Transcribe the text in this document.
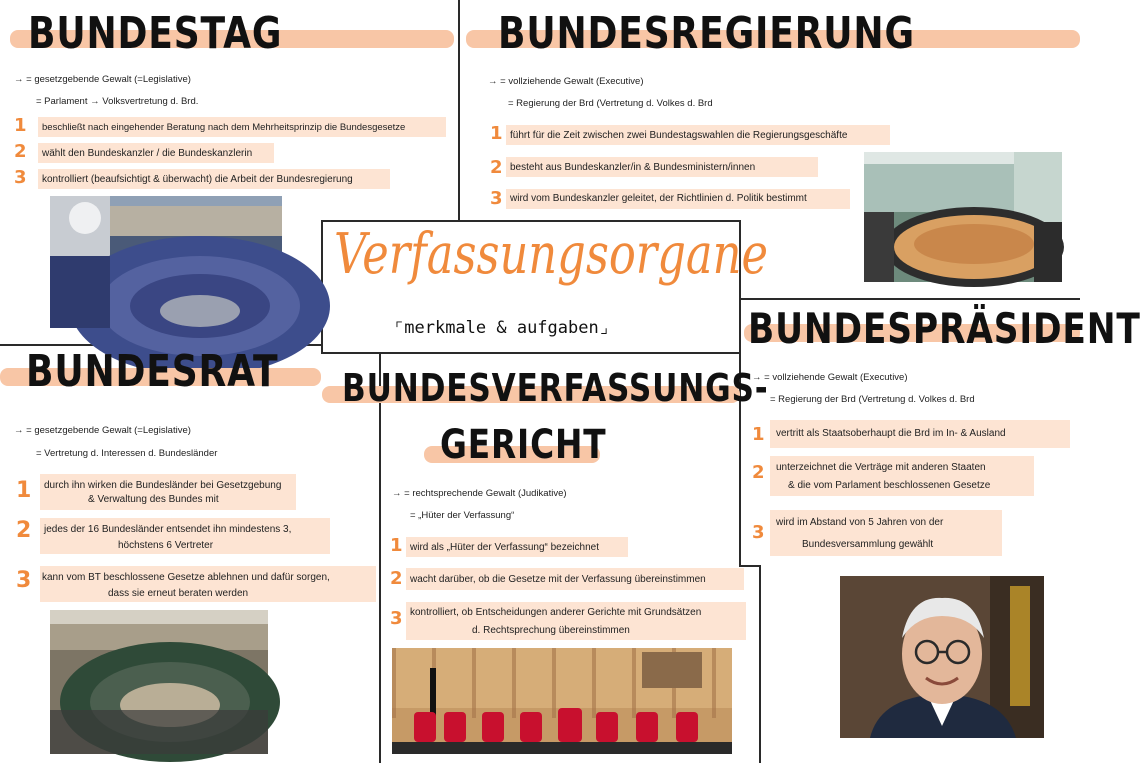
BUNDESTAG
→ = gesetzgebende Gewalt (=Legislative)
= Parlament → Volksvertretung d. Brd.
1 beschließt nach eingehender Beratung nach dem Mehrheitsprinzip die Bundesgesetze
2 wählt den Bundeskanzler / die Bundeskanzlerin
3 kontrolliert (beaufsichtigt & überwacht) die Arbeit der Bundesregierung
BUNDESREGIERUNG
→ = vollziehende Gewalt (Executive)
= Regierung der Brd (Vertretung d. Volkes d. Brd
1 führt für die Zeit zwischen zwei Bundestagswahlen die Regierungsgeschäfte
2 besteht aus Bundeskanzler/in & Bundesministern/innen
3 wird vom Bundeskanzler geleitet, der Richtlinien d. Politik bestimmt
Verfassungsorgane
⌜merkmale & aufgaben⌟
BUNDESRAT
→ = gesetzgebende Gewalt (=Legislative)
= Vertretung d. Interessen d. Bundesländer
1 durch ihn wirken die Bundesländer bei Gesetzgebung
& Verwaltung des Bundes mit
2 jedes der 16 Bundesländer entsendet ihn mindestens 3,
höchstens 6 Vertreter
3 kann vom BT beschlossene Gesetze ablehnen und dafür sorgen,
dass sie erneut beraten werden
BUNDESVERFASSUNGS-
GERICHT
→ = rechtsprechende Gewalt (Judikative)
= „Hüter der Verfassung“
1 wird als „Hüter der Verfassung“ bezeichnet
2 wacht darüber, ob die Gesetze mit der Verfassung übereinstimmen
3 kontrolliert, ob Entscheidungen anderer Gerichte mit Grundsätzen
d. Rechtsprechung übereinstimmen
BUNDESPRÄSIDENT
→ = vollziehende Gewalt (Executive)
= Regierung der Brd (Vertretung d. Volkes d. Brd
1 vertritt als Staatsoberhaupt die Brd im In- & Ausland
2 unterzeichnet die Verträge mit anderen Staaten
& die vom Parlament beschlossenen Gesetze
3 wird im Abstand von 5 Jahren von der
Bundesversammlung gewählt
